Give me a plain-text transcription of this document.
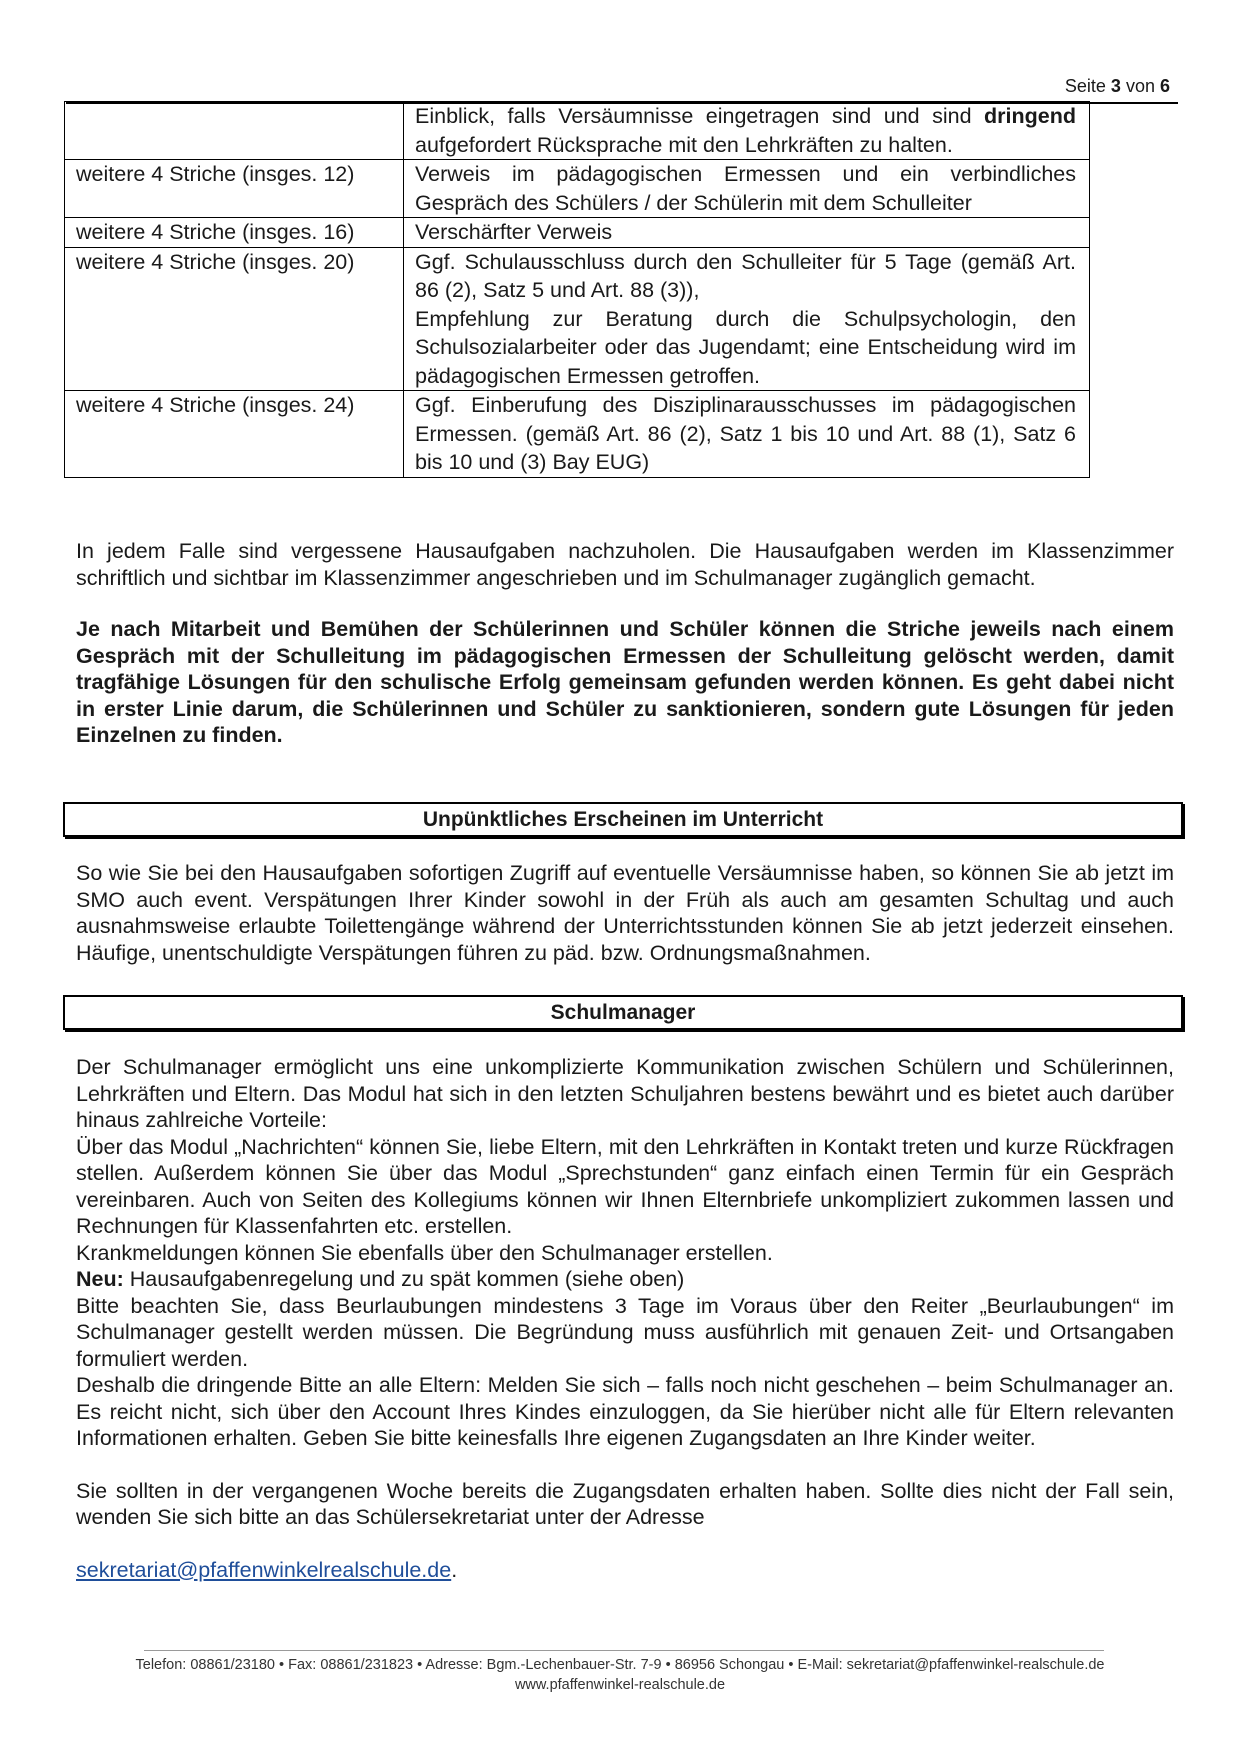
Seite 3 von 6
	Einblick, falls Versäumnisse eingetragen sind und sind dringend aufgefordert Rücksprache mit den Lehrkräften zu halten.
weitere 4 Striche (insges. 12)	Verweis im pädagogischen Ermessen und ein verbindliches Gespräch des Schülers / der Schülerin mit dem Schulleiter
weitere 4 Striche (insges. 16)	Verschärfter Verweis
weitere 4 Striche (insges. 20)	Ggf. Schulausschluss durch den Schulleiter für 5 Tage (gemäß Art. 86 (2), Satz 5 und Art. 88 (3)),
Empfehlung zur Beratung durch die Schulpsychologin, den Schulsozialarbeiter oder das Jugendamt; eine Entscheidung wird im pädagogischen Ermessen getroffen.

weitere 4 Striche (insges. 24)	Ggf. Einberufung des Disziplinarausschusses im pädagogischen Ermessen. (gemäß Art. 86 (2), Satz 1 bis 10 und Art. 88 (1), Satz 6 bis 10 und (3) Bay EUG)

In jedem Falle sind vergessene Hausaufgaben nachzuholen. Die Hausaufgaben werden im Klassenzimmer schriftlich und sichtbar im Klassenzimmer angeschrieben und im Schulmanager zugänglich gemacht.

Je nach Mitarbeit und Bemühen der Schülerinnen und Schüler können die Striche jeweils nach einem Gespräch mit der Schulleitung im pädagogischen Ermessen der Schulleitung gelöscht werden, damit tragfähige Lösungen für den schulische Erfolg gemeinsam gefunden werden können. Es geht dabei nicht in erster Linie darum, die Schülerinnen und Schüler zu sanktionieren, sondern gute Lösungen für jeden Einzelnen zu finden.

Unpünktliches Erscheinen im Unterricht

So wie Sie bei den Hausaufgaben sofortigen Zugriff auf eventuelle Versäumnisse haben, so können Sie ab jetzt im SMO auch event. Verspätungen Ihrer Kinder sowohl in der Früh als auch am gesamten Schultag und auch ausnahmsweise erlaubte Toilettengänge während der Unterrichtsstunden können Sie ab jetzt jederzeit einsehen. Häufige, unentschuldigte Verspätungen führen zu päd. bzw. Ordnungsmaßnahmen.

Schulmanager

Der Schulmanager ermöglicht uns eine unkomplizierte Kommunikation zwischen Schülern und Schülerinnen, Lehrkräften und Eltern. Das Modul hat sich in den letzten Schuljahren bestens bewährt und es bietet auch darüber hinaus zahlreiche Vorteile:

Über das Modul „Nachrichten“ können Sie, liebe Eltern, mit den Lehrkräften in Kontakt treten und kurze Rückfragen stellen. Außerdem können Sie über das Modul „Sprechstunden“ ganz einfach einen Termin für ein Gespräch vereinbaren. Auch von Seiten des Kollegiums können wir Ihnen Elternbriefe unkompliziert zukommen lassen und Rechnungen für Klassenfahrten etc. erstellen.

Krankmeldungen können Sie ebenfalls über den Schulmanager erstellen.

Neu: Hausaufgabenregelung und zu spät kommen (siehe oben)

Bitte beachten Sie, dass Beurlaubungen mindestens 3 Tage im Voraus über den Reiter „Beurlaubungen“ im Schulmanager gestellt werden müssen. Die Begründung muss ausführlich mit genauen Zeit- und Ortsangaben formuliert werden.

Deshalb die dringende Bitte an alle Eltern: Melden Sie sich – falls noch nicht geschehen – beim Schulmanager an. Es reicht nicht, sich über den Account Ihres Kindes einzuloggen, da Sie hierüber nicht alle für Eltern relevanten Informationen erhalten. Geben Sie bitte keinesfalls Ihre eigenen Zugangsdaten an Ihre Kinder weiter.

Sie sollten in der vergangenen Woche bereits die Zugangsdaten erhalten haben. Sollte dies nicht der Fall sein, wenden Sie sich bitte an das Schülersekretariat unter der Adresse

sekretariat@pfaffenwinkelrealschule.de.

Telefon: 08861/23180 • Fax: 08861/231823 • Adresse: Bgm.-Lechenbauer-Str. 7-9 • 86956 Schongau • E-Mail: sekretariat@pfaffenwinkel-realschule.de
www.pfaffenwinkel-realschule.de
